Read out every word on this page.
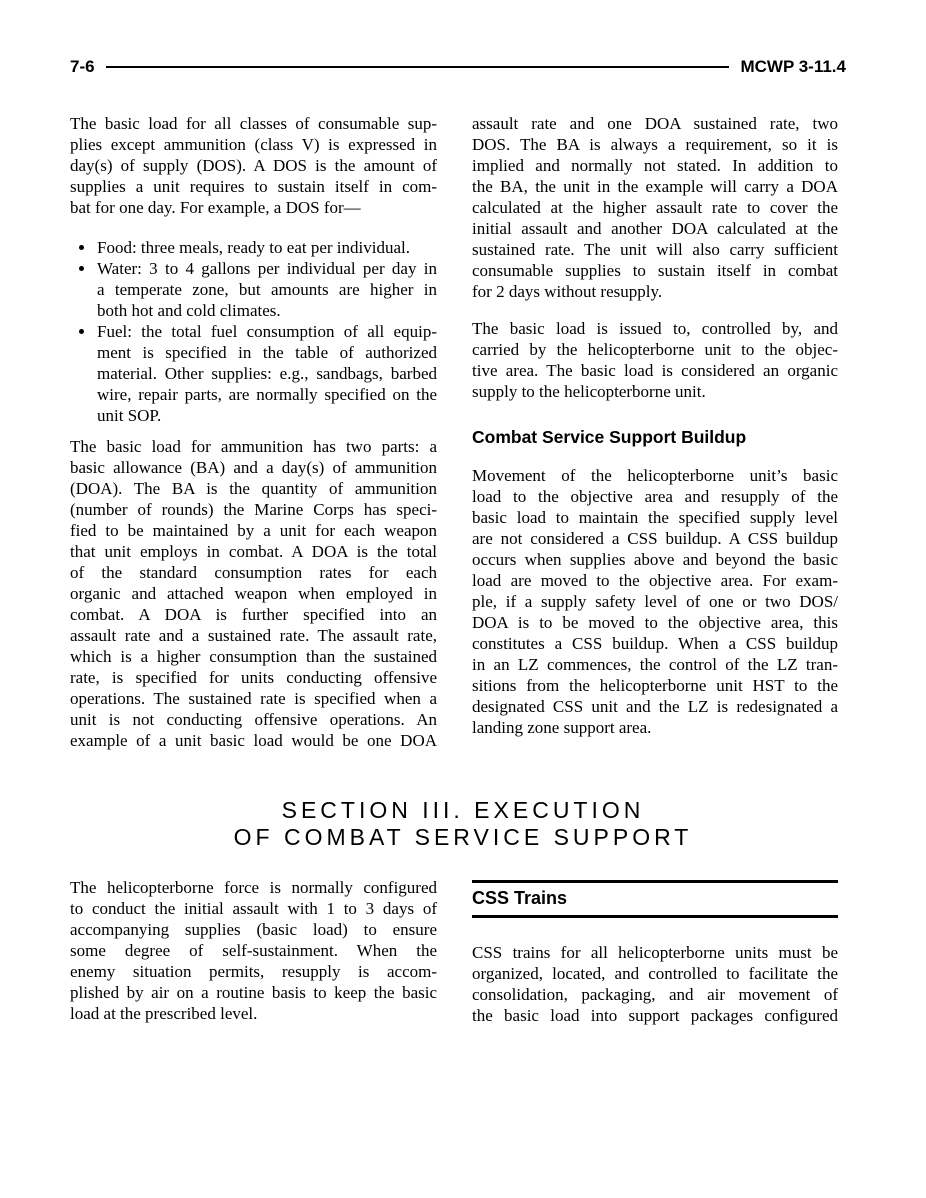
7-6	MCWP 3-11.4
The basic load for all classes of consumable sup-
plies except ammunition (class V) is expressed in
day(s) of supply (DOS). A DOS is the amount of
supplies a unit requires to sustain itself in com-
bat for one day. For example, a DOS for—
Food: three meals, ready to eat per individual.
Water: 3 to 4 gallons per individual per day in
a temperate zone, but amounts are higher in
both hot and cold climates.
Fuel: the total fuel consumption of all equip-
ment is specified in the table of authorized
material. Other supplies: e.g., sandbags, barbed
wire, repair parts, are normally specified on the
unit SOP.
The basic load for ammunition has two parts: a
basic allowance (BA) and a day(s) of ammunition
(DOA). The BA is the quantity of ammunition
(number of rounds) the Marine Corps has speci-
fied to be maintained by a unit for each weapon
that unit employs in combat. A DOA is the total
of the standard consumption rates for each
organic and attached weapon when employed in
combat. A DOA is further specified into an
assault rate and a sustained rate. The assault rate,
which is a higher consumption than the sustained
rate, is specified for units conducting offensive
operations. The sustained rate is specified when a
unit is not conducting offensive operations. An
example of a unit basic load would be one DOA
assault rate and one DOA sustained rate, two
DOS. The BA is always a requirement, so it is
implied and normally not stated. In addition to
the BA, the unit in the example will carry a DOA
calculated at the higher assault rate to cover the
initial assault and another DOA calculated at the
sustained rate. The unit will also carry sufficient
consumable supplies to sustain itself in combat
for 2 days without resupply.
The basic load is issued to, controlled by, and
carried by the helicopterborne unit to the objec-
tive area. The basic load is considered an organic
supply to the helicopterborne unit.
Combat Service Support Buildup
Movement of the helicopterborne unit’s basic
load to the objective area and resupply of the
basic load to maintain the specified supply level
are not considered a CSS buildup. A CSS buildup
occurs when supplies above and beyond the basic
load are moved to the objective area. For exam-
ple, if a supply safety level of one or two DOS/
DOA is to be moved to the objective area, this
constitutes a CSS buildup. When a CSS buildup
in an LZ commences, the control of the LZ tran-
sitions from the helicopterborne unit HST to the
designated CSS unit and the LZ is redesignated a
landing zone support area.
SECTION III. EXECUTION
OF COMBAT SERVICE SUPPORT
The helicopterborne force is normally configured
to conduct the initial assault with 1 to 3 days of
accompanying supplies (basic load) to ensure
some degree of self-sustainment. When the
enemy situation permits, resupply is accom-
plished by air on a routine basis to keep the basic
load at the prescribed level.
CSS Trains
CSS trains for all helicopterborne units must be
organized, located, and controlled to facilitate the
consolidation, packaging, and air movement of
the basic load into support packages configured
